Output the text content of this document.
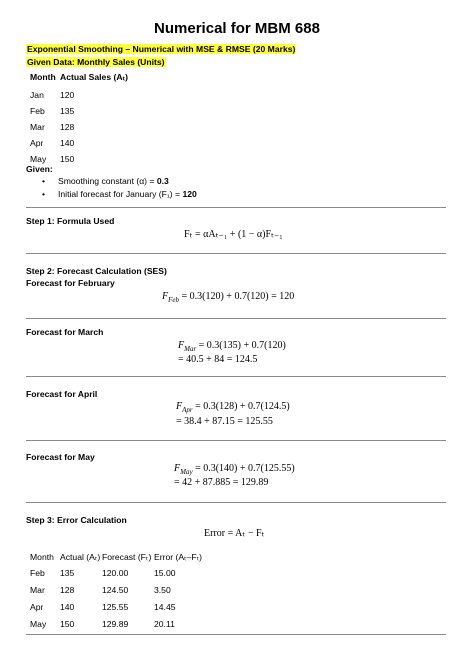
Numerical for MBM 688
Exponential Smoothing – Numerical with MSE & RMSE (20 Marks)
Given Data: Monthly Sales (Units)
Month	Actual Sales (Aₜ)
Jan	120
Feb	135
Mar	128
Apr	140
May	150
Given:
• Smoothing constant (α) = 0.3
• Initial forecast for January (F₁) = 120
Step 1: Formula Used
Fₜ = αAₜ₋₁ + (1 − α)Fₜ₋₁
Step 2: Forecast Calculation (SES)
Forecast for February
$F_{Feb} = 0.3(120) + 0.7(120) = 120$
Forecast for March
$F_{Mar} = 0.3(135) + 0.7(120)$
= 40.5 + 84 = 124.5
Forecast for April
$F_{Apr} = 0.3(128) + 0.7(124.5)$
= 38.4 + 87.15 = 125.55
Forecast for May
$F_{May} = 0.3(140) + 0.7(125.55)$
= 42 + 87.885 = 129.89
Step 3: Error Calculation
Error = Aₜ − Fₜ
Month	Actual (Aₜ)	Forecast (Fₜ)	Error (Aₜ–Fₜ)
Feb	135	120.00	15.00
Mar	128	124.50	3.50
Apr	140	125.55	14.45
May	150	129.89	20.11
